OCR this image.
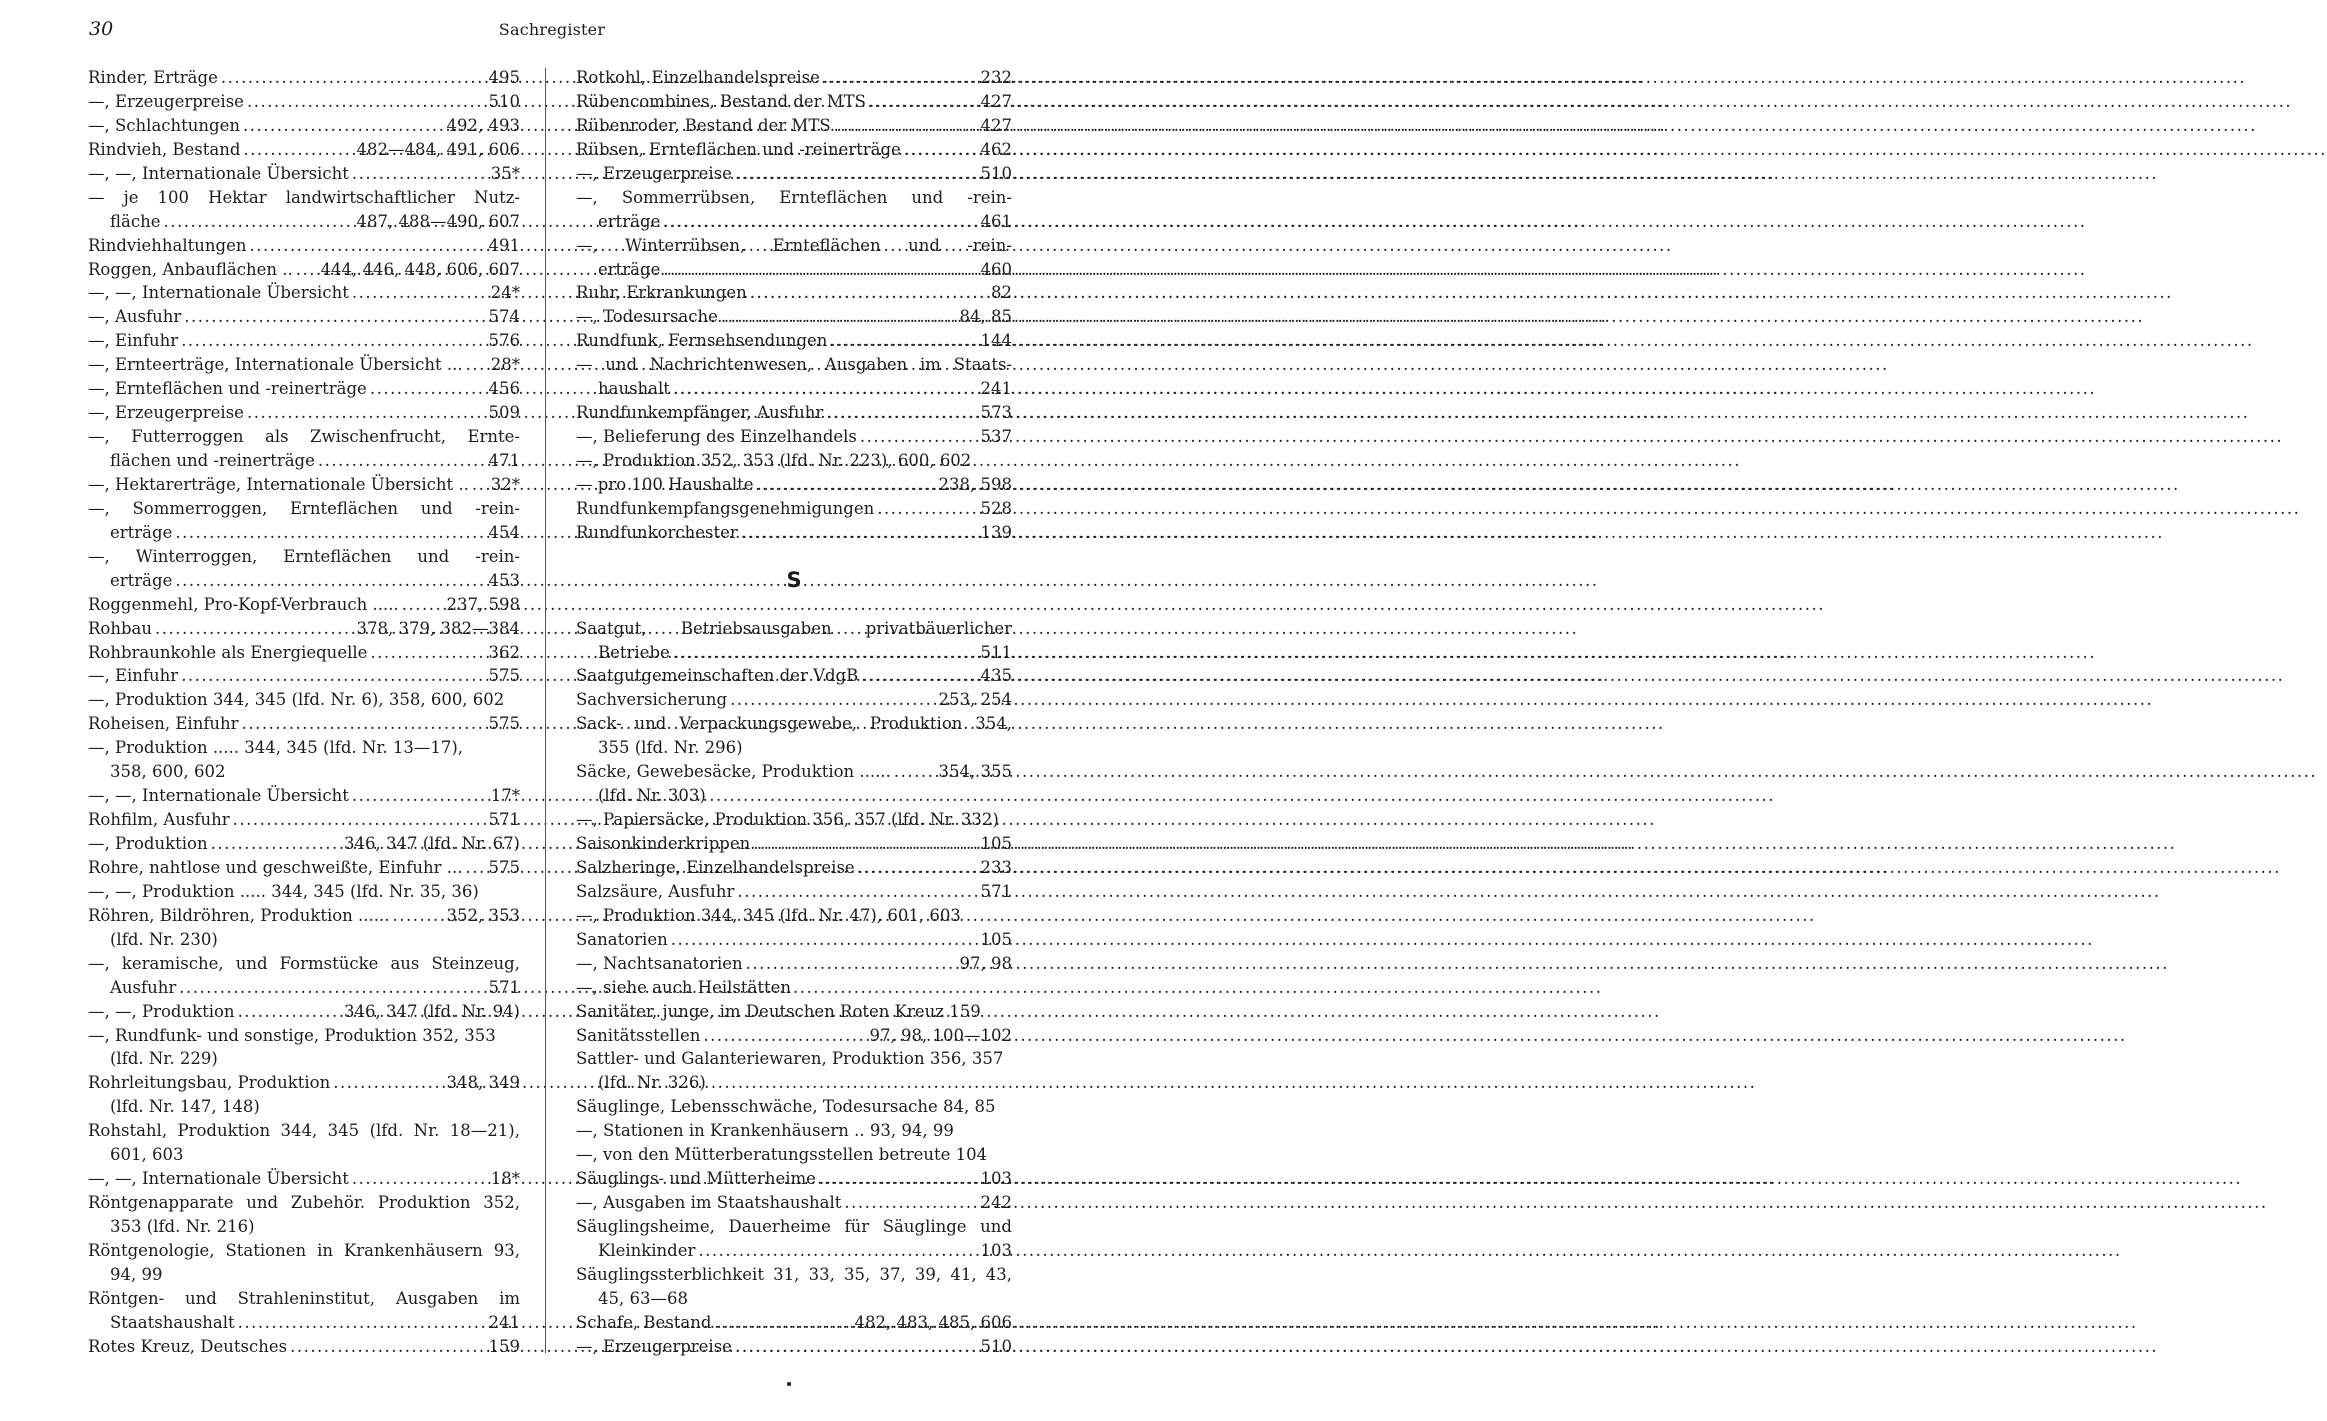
30	Sachregister
Rinder, Erträge .....	495
—, Erzeugerpreise .....	510
—, Schlachtungen .....	492, 493
Rindvieh, Bestand .....	482—484, 491, 606
—, —, Internationale Übersicht .....	35*
— je 100 Hektar landwirtschaftlicher Nutz-
fläche .....	487, 488—490, 607
Rindviehhaltungen .....	491
Roggen, Anbauflächen .. ..... 444, 446, 448, 606, 607
—, —, Internationale Übersicht .....	24*
—, Ausfuhr .....	574
—, Einfuhr .....	576
—, Ernteerträge, Internationale Übersicht ... ..... 28*
—, Ernteflächen und -reinerträge .....	456
—, Erzeugerpreise .....	509
—, Futterroggen als Zwischenfrucht, Ernte-
flächen und -reinerträge .....	471
—, Hektarerträge, Internationale Übersicht .. ..... 32*
—, Sommerroggen, Ernteflächen und -rein-
erträge .....	454
—, Winterroggen, Ernteflächen und -rein-
erträge .....	453
Roggenmehl, Pro-Kopf-Verbrauch ..... .....	237, 598
Rohbau .....	378, 379, 382—384
Rohbraunkohle als Energiequelle .....	362
—, Einfuhr .....	575
—, Produktion 344, 345 (lfd. Nr. 6), 358, 600, 602
Roheisen, Einfuhr .....	575
—, Produktion ..... 344, 345 (lfd. Nr. 13—17),
358, 600, 602
—, —, Internationale Übersicht .....	17*
Rohfilm, Ausfuhr .....	571
—, Produktion .....	346, 347 (lfd. Nr. 67)
Rohre, nahtlose und geschweißte, Einfuhr ... ..... 575
—, —, Produktion ..... 344, 345 (lfd. Nr. 35, 36)
Röhren, Bildröhren, Produktion ...... .....	352, 353
(lfd. Nr. 230)
—, keramische, und Formstücke aus Steinzeug,
Ausfuhr .....	571
—, —, Produktion .....	346, 347 (lfd. Nr. 94)
—, Rundfunk- und sonstige, Produktion 352, 353
(lfd. Nr. 229)
Rohrleitungsbau, Produktion .....	348, 349
(lfd. Nr. 147, 148)
Rohstahl, Produktion 344, 345 (lfd. Nr. 18—21),
601, 603
—, —, Internationale Übersicht .....	18*
Röntgenapparate und Zubehör. Produktion 352,
353 (lfd. Nr. 216)
Röntgenologie, Stationen in Krankenhäusern 93,
94, 99
Röntgen- und Strahleninstitut, Ausgaben im
Staatshaushalt .....	241
Rotes Kreuz, Deutsches .....	159
Rotkohl, Einzelhandelspreise .....	232
Rübencombines, Bestand der MTS .....	427
Rübenroder, Bestand der MTS .....	427
Rübsen, Ernteflächen und -reinerträge .....	462
—, Erzeugerpreise .....	510
—, Sommerrübsen, Ernteflächen und -rein-
erträge .....	461
—, Winterrübsen, Ernteflächen und -rein-
erträge .....	460
Ruhr, Erkrankungen .....	82
—, Todesursache .....	84, 85
Rundfunk, Fernsehsendungen .....	144
— und Nachrichtenwesen, Ausgaben im Staats-
haushalt .....	241
Rundfunkempfänger, Ausfuhr .....	573
—, Belieferung des Einzelhandels .....	537
—, Produktion 352, 353 (lfd. Nr. 223), 600, 602
— pro 100 Haushalte .....	238, 598
Rundfunkempfangsgenehmigungen .....	528
Rundfunkorchester .....	139
S
Saatgut, Betriebsausgaben privatbäuerlicher
Betriebe .....	511
Saatgutgemeinschaften der VdgB .....	435
Sachversicherung .....	253, 254
Sack- und Verpackungsgewebe, Produktion 354,
355 (lfd. Nr. 296)
Säcke, Gewebesäcke, Produktion ...... .....	354, 355
(lfd. Nr. 303)
—, Papiersäcke, Produktion 356, 357 (lfd. Nr. 332)
Saisonkinderkrippen .....	105
Salzheringe, Einzelhandelspreise .....	233
Salzsäure, Ausfuhr .....	571
—, Produktion 344, 345 (lfd. Nr. 47), 601, 603
Sanatorien .....	105
—, Nachtsanatorien .....	97, 98
—, siehe auch Heilstätten
Sanitäter, junge, im Deutschen Roten Kreuz 159
Sanitätsstellen .....	97, 98, 100—102
Sattler- und Galanteriewaren, Produktion 356, 357
(lfd. Nr. 326)
Säuglinge, Lebensschwäche, Todesursache 84, 85
—, Stationen in Krankenhäusern .. 93, 94, 99
—, von den Mütterberatungsstellen betreute 104
Säuglings- und Mütterheime .....	103
—, Ausgaben im Staatshaushalt .....	242
Säuglingsheime, Dauerheime für Säuglinge und
Kleinkinder .....	103
Säuglingssterblichkeit 31, 33, 35, 37, 39, 41, 43,
45, 63—68
Schafe, Bestand .....	482, 483, 485, 606
—, Erzeugerpreise .....	510
